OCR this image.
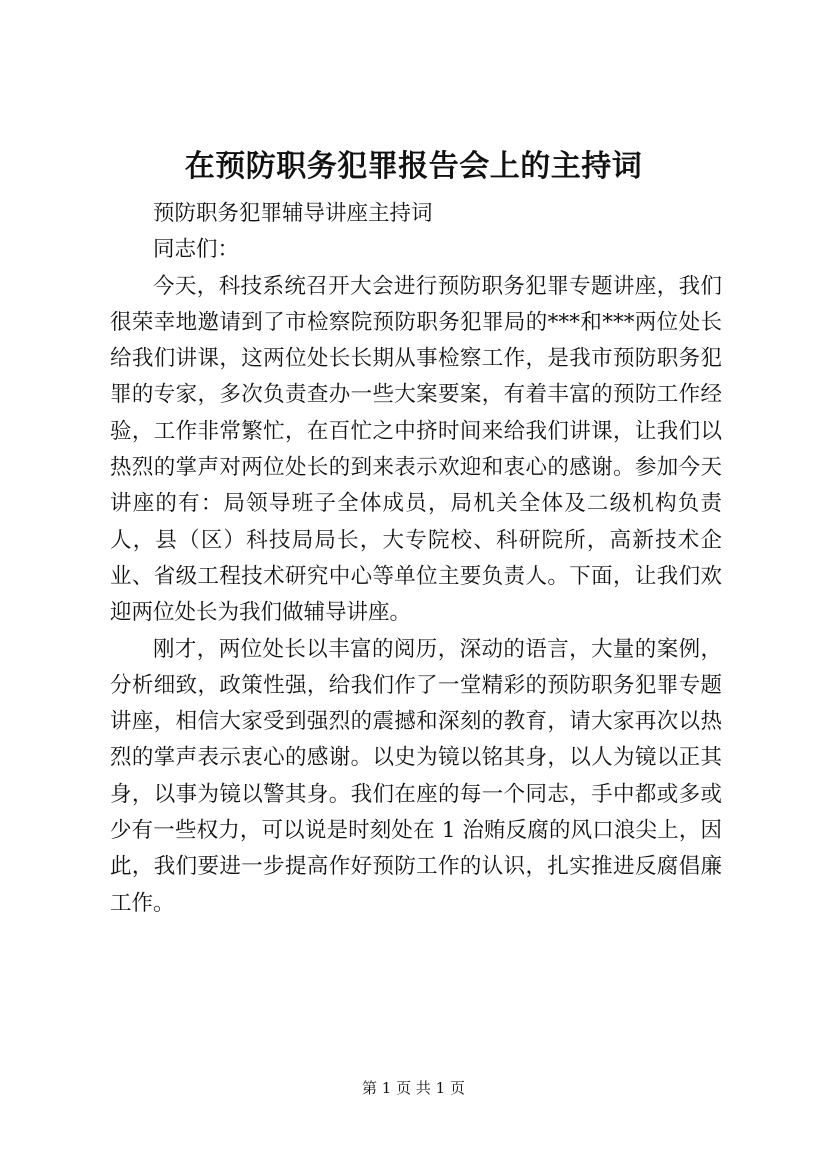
在预防职务犯罪报告会上的主持词

预防职务犯罪辅导讲座主持词

同志们：

今天，科技系统召开大会进行预防职务犯罪专题讲座，我们很荣幸地邀请到了市检察院预防职务犯罪局的***和***两位处长给我们讲课，这两位处长长期从事检察工作，是我市预防职务犯罪的专家，多次负责查办一些大案要案，有着丰富的预防工作经验，工作非常繁忙，在百忙之中挤时间来给我们讲课，让我们以热烈的掌声对两位处长的到来表示欢迎和衷心的感谢。参加今天讲座的有：局领导班子全体成员，局机关全体及二级机构负责人，县（区）科技局局长，大专院校、科研院所，高新技术企业、省级工程技术研究中心等单位主要负责人。下面，让我们欢迎两位处长为我们做辅导讲座。

刚才，两位处长以丰富的阅历，深动的语言，大量的案例，分析细致，政策性强，给我们作了一堂精彩的预防职务犯罪专题讲座，相信大家受到强烈的震撼和深刻的教育，请大家再次以热烈的掌声表示衷心的感谢。以史为镜以铭其身，以人为镜以正其身，以事为镜以警其身。我们在座的每一个同志，手中都或多或少有一些权力，可以说是时刻处在 1 治贿反腐的风口浪尖上，因此，我们要进一步提高作好预防工作的认识，扎实推进反腐倡廉工作。

第 1 页 共 1 页
